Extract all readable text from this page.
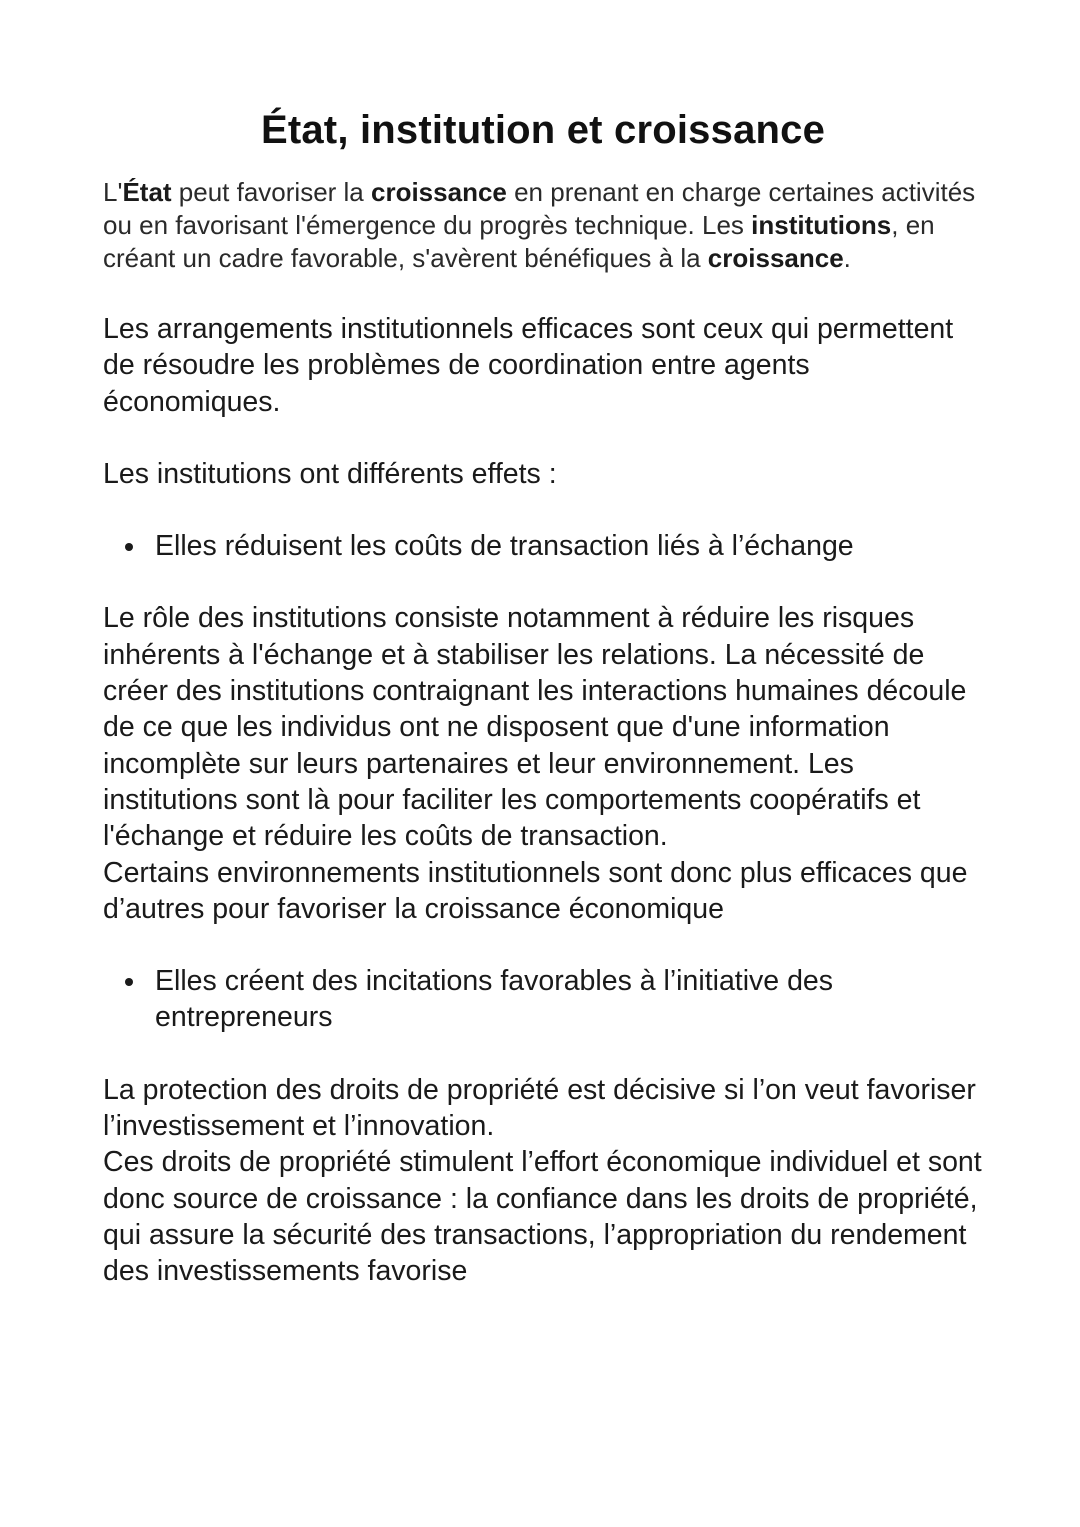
État, institution et croissance

L'État peut favoriser la croissance en prenant en charge certaines activités ou en favorisant l'émergence du progrès technique. Les institutions, en créant un cadre favorable, s'avèrent bénéfiques à la croissance.

Les arrangements institutionnels efficaces sont ceux qui permettent de résoudre les problèmes de coordination entre agents économiques.

Les institutions ont différents effets :

Elles réduisent les coûts de transaction liés à l’échange

Le rôle des institutions consiste notamment à réduire les risques inhérents à l'échange et à stabiliser les relations. La nécessité de créer des institutions contraignant les interactions humaines découle de ce que les individus ont ne disposent que d'une information incomplète sur leurs partenaires et leur environnement. Les institutions sont là pour faciliter les comportements coopératifs et l'échange et réduire les coûts de transaction.

Certains environnements institutionnels sont donc plus efficaces que d’autres pour favoriser la croissance économique

Elles créent des incitations favorables à l’initiative des entrepreneurs

La protection des droits de propriété est décisive si l’on veut favoriser l’investissement et l’innovation.

Ces droits de propriété stimulent l’effort économique individuel et sont donc source de croissance : la confiance dans les droits de propriété, qui assure la sécurité des transactions, l’appropriation du rendement des investissements favorise
